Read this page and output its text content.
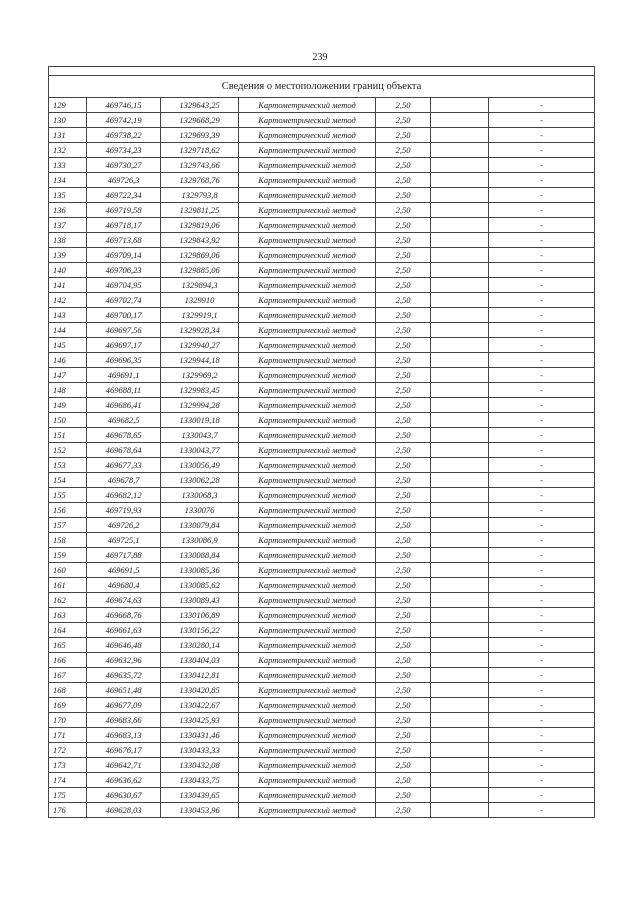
239

Сведения о местоположении границ объекта						
129	469746,15	1329643,25	Картометрический метод	2,50		-
130	469742,19	1329668,29	Картометрический метод	2,50		-
131	469738,22	1329693,39	Картометрический метод	2,50		-
132	469734,23	1329718,62	Картометрический метод	2,50		-
133	469730,27	1329743,66	Картометрический метод	2,50		-
134	469726,3	1329768,76	Картометрический метод	2,50		-
135	469722,34	1329793,8	Картометрический метод	2,50		-
136	469719,58	1329811,25	Картометрический метод	2,50		-
137	469718,17	1329819,06	Картометрический метод	2,50		-
138	469713,68	1329843,92	Картометрический метод	2,50		-
139	469709,14	1329869,06	Картометрический метод	2,50		-
140	469706,23	1329885,06	Картометрический метод	2,50		-
141	469704,95	1329894,3	Картометрический метод	2,50		-
142	469702,74	1329910	Картометрический метод	2,50		-
143	469700,17	1329919,1	Картометрический метод	2,50		-
144	469697,56	1329928,34	Картометрический метод	2,50		-
145	469697,17	1329940,27	Картометрический метод	2,50		-
146	469696,35	1329944,18	Картометрический метод	2,50		-
147	469691,1	1329969,2	Картометрический метод	2,50		-
148	469688,11	1329983,45	Картометрический метод	2,50		-
149	469686,41	1329994,28	Картометрический метод	2,50		-
150	469682,5	1330019,18	Картометрический метод	2,50		-
151	469678,65	1330043,7	Картометрический метод	2,50		-
152	469678,64	1330043,77	Картометрический метод	2,50		-
153	469677,33	1330056,49	Картометрический метод	2,50		-
154	469678,7	1330062,28	Картометрический метод	2,50		-
155	469682,12	1330068,3	Картометрический метод	2,50		-
156	469719,93	1330076	Картометрический метод	2,50		-
157	469726,2	1330079,84	Картометрический метод	2,50		-
158	469725,1	1330086,9	Картометрический метод	2,50		-
159	469717,88	1330088,84	Картометрический метод	2,50		-
160	469691,5	1330085,36	Картометрический метод	2,50		-
161	469680,4	1330085,62	Картометрический метод	2,50		-
162	469674,63	1330089,43	Картометрический метод	2,50		-
163	469668,76	1330106,89	Картометрический метод	2,50		-
164	469661,63	1330156,22	Картометрический метод	2,50		-
165	469646,48	1330280,14	Картометрический метод	2,50		-
166	469632,96	1330404,03	Картометрический метод	2,50		-
167	469635,72	1330412,81	Картометрический метод	2,50		-
168	469651,48	1330420,85	Картометрический метод	2,50		-
169	469677,09	1330422,67	Картометрический метод	2,50		-
170	469683,66	1330425,93	Картометрический метод	2,50		-
171	469683,13	1330431,46	Картометрический метод	2,50		-
172	469676,17	1330433,33	Картометрический метод	2,50		-
173	469642,71	1330432,08	Картометрический метод	2,50		-
174	469636,62	1330433,75	Картометрический метод	2,50		-
175	469630,67	1330439,65	Картометрический метод	2,50		-
176	469628,03	1330453,96	Картометрический метод	2,50		-
